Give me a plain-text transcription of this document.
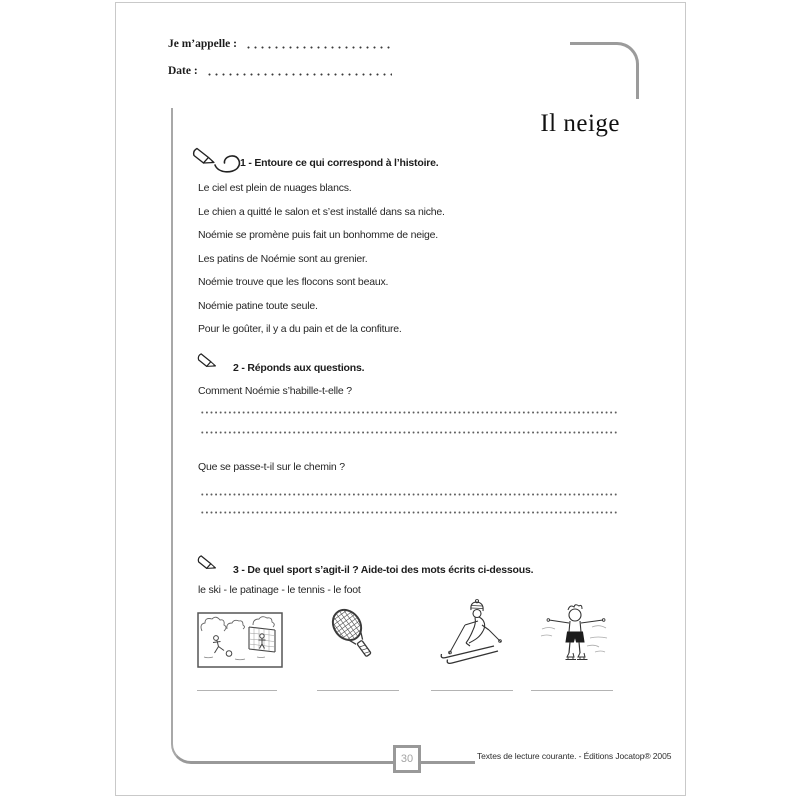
Je m’appelle :
Date :
Il neige
1 - Entoure ce qui correspond à l’histoire.

Le ciel est plein de nuages blancs.

Le chien a quitté le salon et s’est installé dans sa niche.

Noémie se promène puis fait un bonhomme de neige.

Les patins de Noémie sont au grenier.

Noémie trouve que les flocons sont beaux.

Noémie patine toute seule.

Pour le goûter, il y a du pain et de la confiture.

2 - Réponds aux questions.
Comment Noémie s’habille-t-elle ?
Que se passe-t-il sur le chemin ?
3 - De quel sport s’agit-il ? Aide-toi des mots écrits ci-dessous.
le ski - le patinage - le tennis - le foot
30	Textes de lecture courante. - Éditions Jocatop® 2005
